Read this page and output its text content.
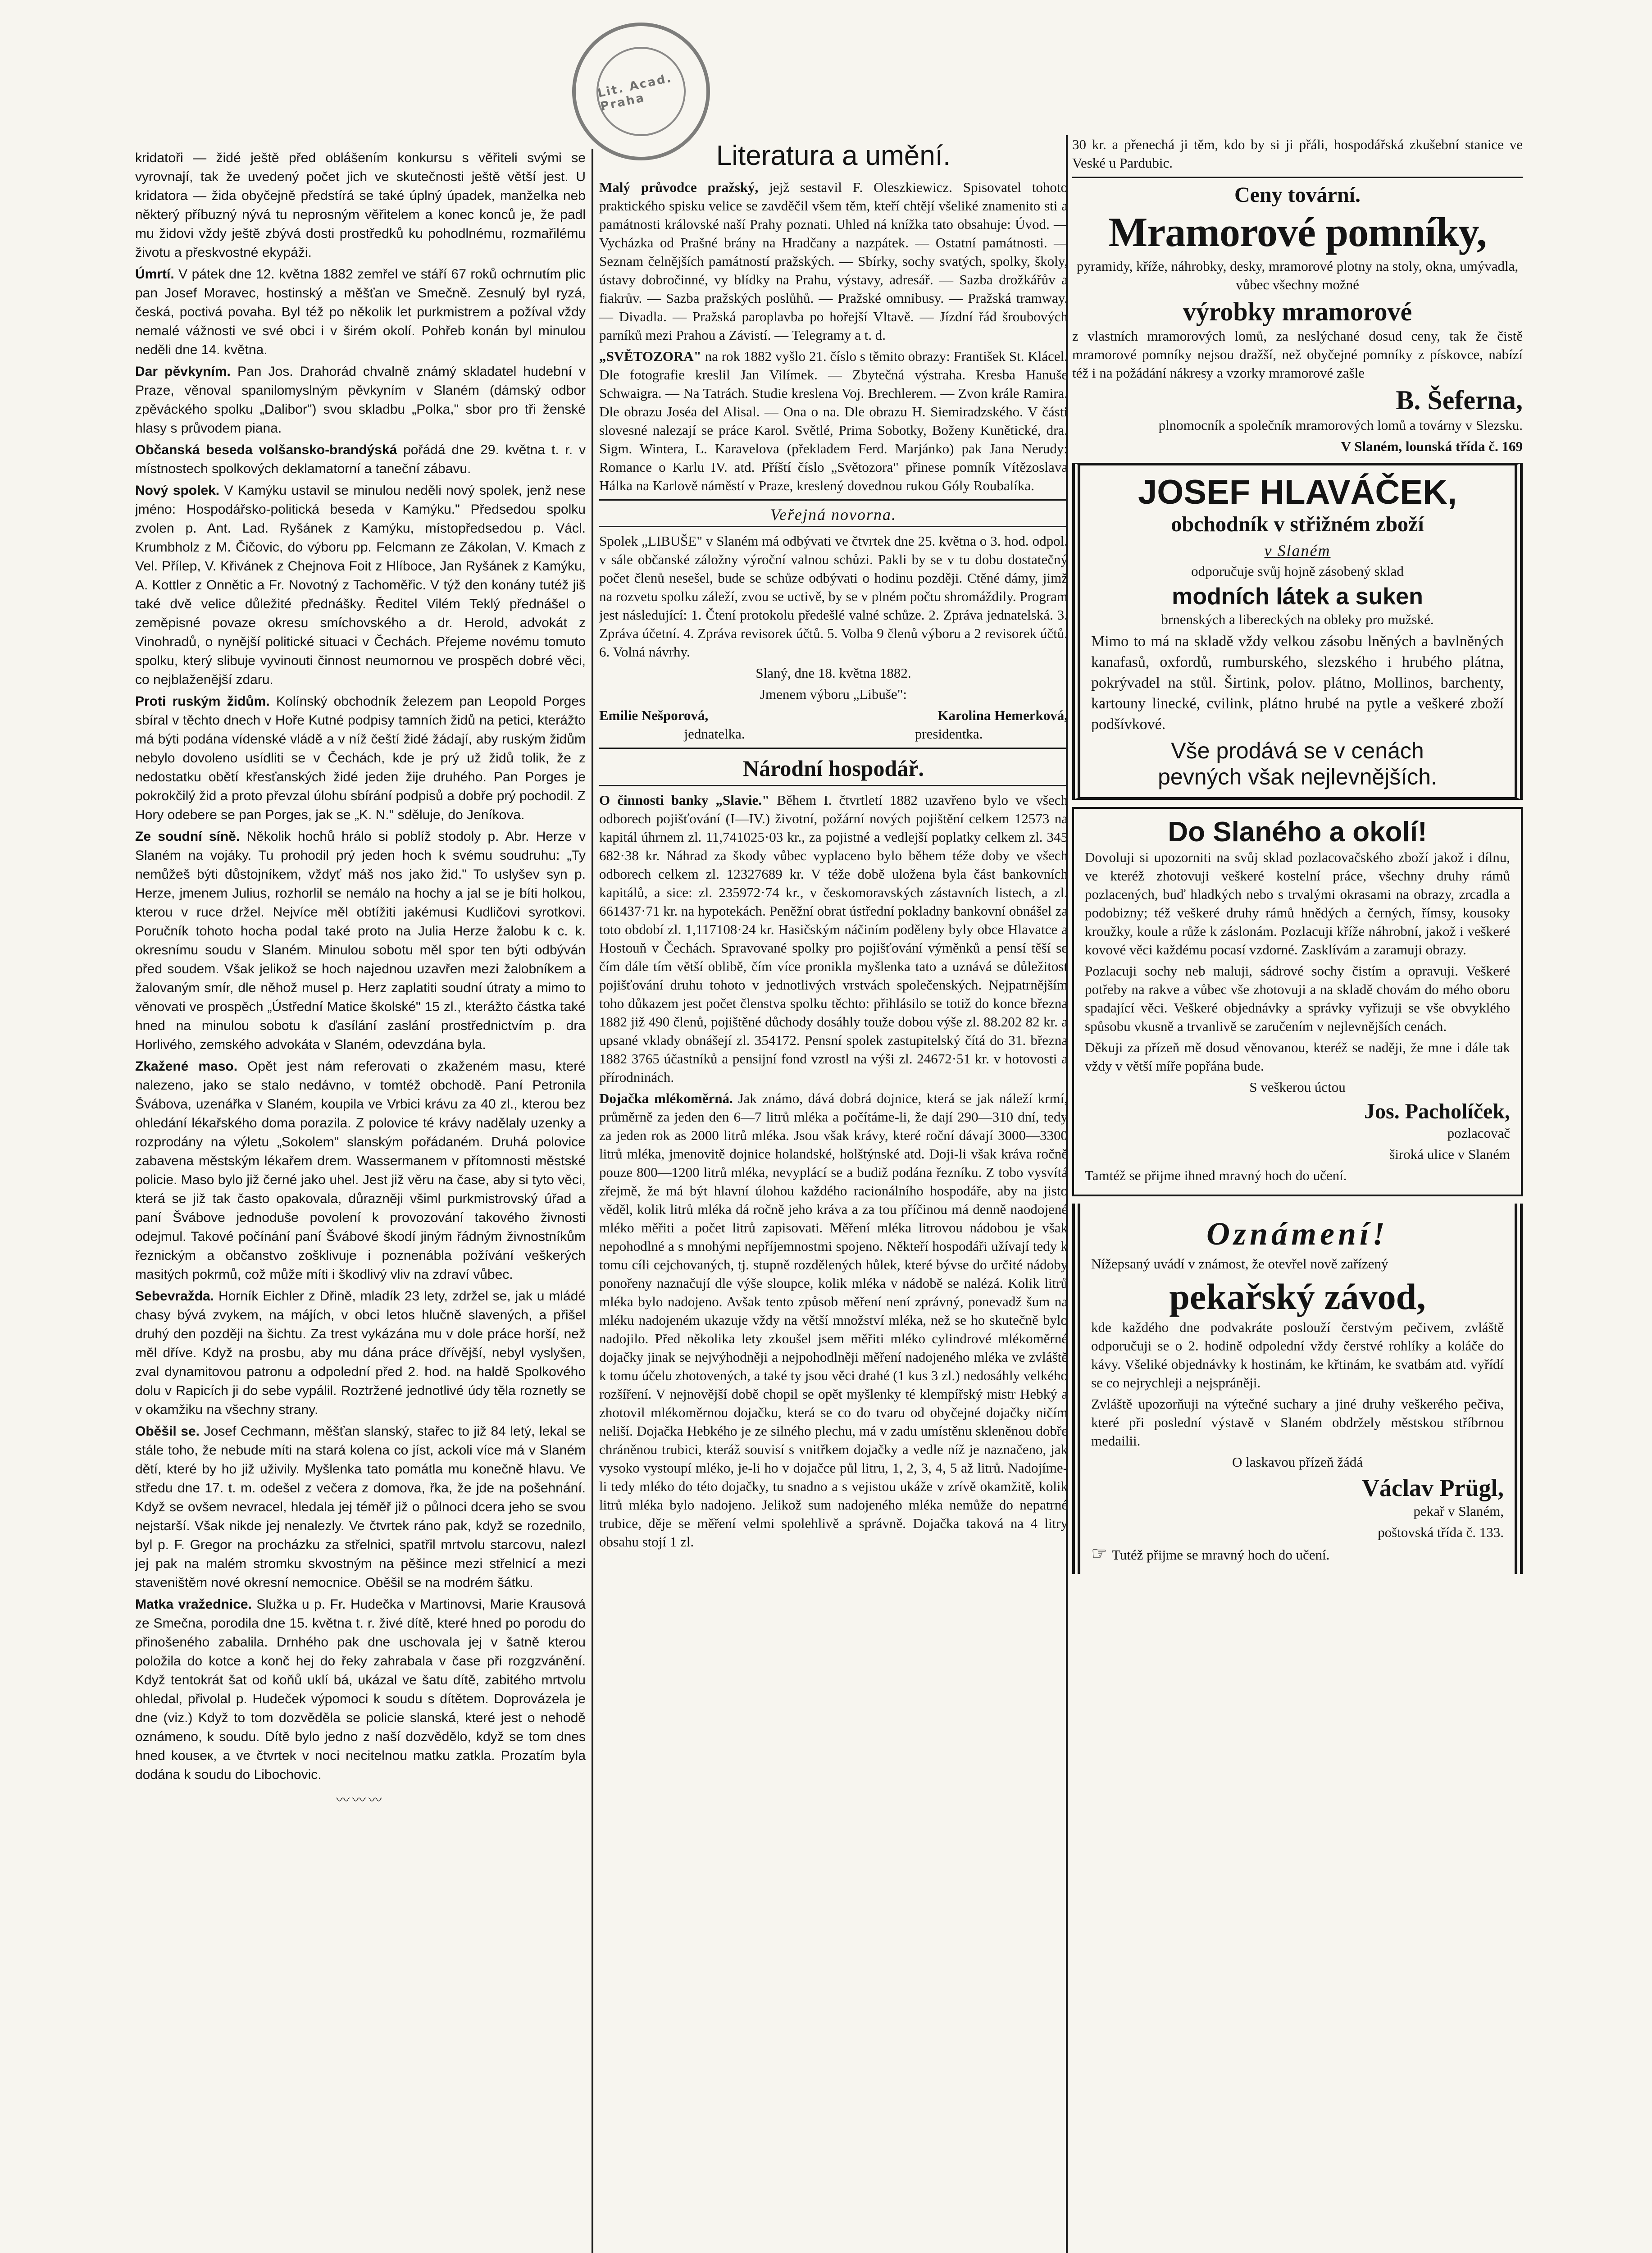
Lit. Acad. Praha

kridatoři — židé ještě před oblášením konkursu s věřiteli svými se vyrovnají, tak že uvedený počet jich ve skutečnosti ještě větší jest. U kridatora — žida obyčejně předstírá se také úplný úpadek, manželka neb některý příbuzný nývá tu neprosným věřitelem a konec konců je, že padl mu židovi vždy ještě zbývá dosti prostředků ku pohodlnému, rozmařilému životu a přeskvostné ekypáži.

Úmrtí. V pátek dne 12. května 1882 zemřel ve stáří 67 roků ochrnutím plic pan Josef Moravec, hostinský a měšťan ve Smečně. Zesnulý byl ryzá, česká, poctivá povaha. Byl též po několik let purkmistrem a požíval vždy nemalé vážnosti ve své obci i v širém okolí. Pohřeb konán byl minulou neděli dne 14. května.

Dar pěvkyním. Pan Jos. Drahorád chvalně známý skladatel hudební v Praze, věnoval spanilomyslným pěvkyním v Slaném (dámský odbor zpěváckého spolku „Dalibor") svou skladbu „Polka," sbor pro tři ženské hlasy s průvodem piana.

Občanská beseda volšansko-brandýská pořádá dne 29. května t. r. v místnostech spolkových deklamatorní a taneční zábavu.

Nový spolek. V Kamýku ustavil se minulou neděli nový spolek, jenž nese jméno: Hospodářsko-politická beseda v Kamýku." Předsedou spolku zvolen p. Ant. Lad. Ryšánek z Kamýku, místopředsedou p. Václ. Krumbholz z M. Čičovic, do výboru pp. Felcmann ze Zákolan, V. Kmach z Vel. Přílep, V. Křivánek z Chejnova Foit z Hlíbocе, Jan Ryšánek z Kamýku, A. Kottler z Onnětic a Fr. Novotný z Tachoměřic. V týž den konány tutéž jiš také dvě velice důležité přednášky. Ředitel Vilém Teklý přednášel o zeměpisné povaze okresu smíchovského a dr. Herold, advokát z Vinohradů, o nynější politické situaci v Čechách. Přejeme novému tomuto spolku, který slibuje vyvinouti činnost neumornou ve prospěch dobré věci, co nejblaženější zdaru.

Proti ruským židům. Kolínský obchodník železem pan Leopold Porges sbíral v těchto dnech v Hoře Kutné podpisy tamních židů na petici, kterážto má býti podána vídenské vládě a v níž čeští židé žádají, aby ruským židům nebylo dovoleno usídliti se v Čechách, kde je prý už židů tolik, že z nedostatku obětí křesťanských židé jeden žije druhého. Pan Porges je pokrokčilý žid a proto převzal úlohu sbírání podpisů a dobře prý pochodil. Z Hory odebere se pan Porges, jak se „K. N." sděluje, do Jeníkova.

Ze soudní síně. Několik hochů hrálo si poblíž stodoly p. Abr. Herze v Slaném na vojáky. Tu prohodil prý jeden hoch k svému soudruhu: „Ty nemůžeš býti důstojníkem, vždyť máš nos jako žid." To uslyšev syn p. Herze, jmenem Julius, rozhorlil se nemálo na hochy a jal se je bíti holkou, kterou v ruce držel. Nejvíce měl obtížiti jakémusi Kudličovi syrotkovi. Poručník tohoto hocha podal také proto na Julia Herze žalobu k c. k. okresnímu soudu v Slaném. Minulou sobotu měl spor ten býti odbýván před soudem. Však jelikož se hoch najednou uzavřen mezi žalobníkem a žalovaným smír, dle něhož musel p. Herz zaplatiti soudní útraty a mimo to věnovati ve prospěch „Ústřední Matice školské" 15 zl., kterážto částka také hned na minulou sobotu k ďasílání zaslání prostřednictvím p. dra Horlivého, zemského advokáta v Slaném, odevzdána byla.

Zkažené maso. Opět jest nám referovati o zkaženém masu, které nalezeno, jako se stalo nedávno, v tomtéž obchodě. Paní Petronila Švábova, uzenářka v Slaném, koupila ve Vrbici krávu za 40 zl., kterou bez ohledání lékařského doma porazila. Z polovice té krávy nadělaly uzenky a rozprodány na výletu „Sokolem" slanským pořádaném. Druhá polovice zabavena městským lékařem drem. Wassermanem v přítomnosti městské policie. Maso bylo již černé jako uhel. Jest již věru na čase, aby si tyto věci, která se již tak často opakovala, důrazněji všiml purkmistrovský úřad a paní Švábove jednoduše povolení k provozování takového živnosti odejmul. Takové počínání paní Švábové škodí jiným řádným živnostníkům řeznickým a občanstvo zošklivuje i poznenábla požívání veškerých masitých pokrmů, což může míti i škodlivý vliv na zdraví vůbec.

Sebevražda. Horník Eichler z Dřině, mladík 23 lety, zdržel se, jak u mládé chasy bývá zvykem, na májích, v obci letos hlučně slavených, a přišel druhý den později na šichtu. Za trest vykázána mu v dole práce horší, než měl dříve. Když na prosbu, aby mu dána práce dřívější, nebyl vyslyšen, zval dynamitovou patronu a odpolední před 2. hod. na haldě Spolkového dolu v Rapicích ji do sebe vypálil. Roztržené jednotlivé údy těla roznetly se v okamžiku na všechny strany.

Oběšil se. Josef Cechmann, měšťan slanský, stařec to již 84 letý, lekal se stále toho, že nebude míti na stará kolena co jíst, ackoli více má v Slaném dětí, které by ho již uživily. Myšlenka tato pomátla mu konečně hlavu. Ve středu dne 17. t. m. odešel z večera z domova, řka, že jde na pošehnání. Když se ovšem nevracel, hledala jej téměř již o půlnoci dcera jeho se svou nejstarší. Však nikde jej nenalezly. Ve čtvrtek ráno pak, když se rozednilo, byl p. F. Gregor na procházku za střelnici, spatřil mrtvolu starcovu, nalezl jej pak na malém stromku skvostným na pěšince mezi střelnicí a mezi staveništěm nové okresní nemocnice. Oběšil se na modrém šátku.

Matka vražednice. Služka u p. Fr. Hudečka v Martinovsi, Marie Krausová ze Smečna, porodila dne 15. května t. r. živé dítě, které hned po porodu do přinošeného zabalila. Drnhého pak dne uschovala jej v šatně kterou položila do kotce a konč hej do řeky zahrabala v čase při rozgzvánění. Když tentokrát šat od koňů uklí bá, ukázal ve šatu dítě, zabitého mrtvolu ohledal, přivolal p. Hudeček výpomoci k soudu s dítětem. Doprovázela je dne (viz.) Když to tom dozvěděla se policie slanská, které jest o nehodě oznámeno, k soudu. Dítě bylo jedno z naší dozvědělo, když se tom dnes hned kouseк, a ve čtvrtek v noci necitelnou matku zatkla. Prozatím byla dodána k soudu do Libochovic.

〰〰〰
Literatura a umění.

Malý průvodce pražský, jejž sestavil F. Oleszkiewicz. Spisovatel tohoto praktického spisku velice se zavděčil všem těm, kteří chtějí všeliké znamenito sti a památnosti královské naší Prahy poznati. Uhled ná knížka tato obsahuje: Úvod. — Vycházka od Prašné brány na Hradčany a nazpátek. — Ostatní památnosti. — Seznam čelnějších památností pražských. — Sbírky, sochy svatých, spolky, školy, ústavy dobročinné, vy blídky na Prahu, výstavy, adresář. — Sazba drožkářův a fiakrův. — Sazba pražských poslůhů. — Pražské omnibusy. — Pražská tramway. — Divadla. — Pražská paroplavba po hořejší Vltavě. — Jízdní řád šroubových parníků mezi Prahou a Závistí. — Telegramy a t. d.

„SVĚTOZORA" na rok 1882 vyšlo 21. číslo s těmito obrazy: František St. Klácel. Dle fotografie kreslil Jan Vilímek. — Zbytečná výstraha. Kresba Hanuše Schwaigra. — Na Tatrách. Studie kreslena Voj. Brechlerem. — Zvon krále Ramira. Dle obrazu Joséa del Alisal. — Ona o na. Dle obrazu H. Siemiradzského. V části slovesné nalezají se práce Karol. Světlé, Prima Sobotky, Boženy Kunětické, dra. Sigm. Wintera, L. Karavelova (překladem Ferd. Marjánko) pak Jana Nerudy: Romance o Karlu IV. atd. Příští číslo „Světozora" přinese pomník Vítězoslava Hálka na Karlově náměstí v Praze, kreslený dovednou rukou Góly Roubalíka.

Veřejná novorna.

Spolek „LIBUŠE" v Slaném má odbývati ve čtvrtek dne 25. května o 3. hod. odpol. v sále občanské záložny výroční valnou schůzi. Pakli by se v tu dobu dostatečný počet členů nesešel, bude se schůze odbývati o hodinu později. Ctěné dámy, jimž na rozvetu spolku záleží, zvou se uctivě, by se v plném počtu shromáždily. Program jest následující: 1. Čtení protokolu předešlé valné schůze. 2. Zpráva jednatelská. 3. Zpráva účetní. 4. Zpráva revisorek účtů. 5. Volba 9 členů výboru a 2 revisorek účtů. 6. Volná návrhy.

Slaný, dne 18. května 1882.

Jmenem výboru „Libuše":

Emilie Nešporová,	Karolina Hemerková,
jednatelka.	presidentka.
Národní hospodář.

O činnosti banky „Slavie." Během I. čtvrtletí 1882 uzavřeno bylo ve všech odborech pojišťování (I—IV.) životní, požární nových pojištění celkem 12573 na kapitál úhrnem zl. 11,741025·03 kr., za pojistné a vedlejší poplatky celkem zl. 345 682·38 kr. Náhrad za škody vůbec vyplaceno bylo během téže doby ve všech odborech celkem zl. 12327689 kr. V téže době uložena byla část bankovních kapitálů, a sice: zl. 235972·74 kr., v českomoravských zástavních listech, a zl. 661437·71 kr. na hypotekách. Peněžní obrat ústřední pokladny bankovní obnášel za toto období zl. 1,117108·24 kr. Hasičským náčiním poděleny byly obce Hlavatce a Hostouň v Čechách. Spravované spolky pro pojišťování výměnků a pensí těší se čím dále tím větší oblibě, čím více pronikla myšlenka tato a uznává se důležitost pojišťování druhu tohoto v jednotlivých vrstvách společenských. Nejpatrnějším toho důkazem jest počet členstva spolku těchto: přihlásilo se totiž do konce března 1882 již 490 členů, pojištěné důchody dosáhly touže dobou výše zl. 88.202 82 kr. a upsané vklady obnášejí zl. 354172. Pensní spolek zastupitelský čítá do 31. března 1882 3765 účastníků a pensijní fond vzrostl na výši zl. 24672·51 kr. v hotovosti a přírodninách.

Dojačka mlékoměrná. Jak známo, dává dobrá dojnice, která se jak náleží krmí, průměrně za jeden den 6—7 litrů mléka a počítáme-li, že dají 290—310 dní, tedy za jeden rok as 2000 litrů mléka. Jsou však krávy, které roční dávají 3000—3300 litrů mléka, jmenovitě dojnice holandské, holštýnské atd. Doji-li však kráva ročně pouze 800—1200 litrů mléka, nevyplácí se a budiž podána řezníku. Z tobo vysvítá zřejmě, že má být hlavní úlohou každého racionálního hospodáře, aby na jisto věděl, kolik litrů mléka dá ročně jeho kráva a za tou příčinou má denně naodojené mléko měřiti a počet litrů zapisovati. Měření mléka litrovou nádobou je však nepohodlné a s mnohými nepříjemnostmi spojeno. Někteří hospodáři užívají tedy k tomu cíli cejchovaných, tj. stupně rozdělených hůlek, které bývse do určité nádoby ponořeny naznačují dle výše sloupce, kolik mléka v nádobě se nalézá. Kolik litrů mléka bylo nadojeno. Avšak tento způsob měření není zprávný, ponevadž šum na mléku nadojeném ukazuje vždy na větší množství mléka, než se ho skutečně bylo nadojilo. Před několika lety zkoušel jsem měřiti mléko cylindrové mlékoměrné dojačky jinak se nejvýhodněji a nejpohodlněji měření nadojeného mléka ve zvláště k tomu účelu zhotovených, a také ty jsou věci drahé (1 kus 3 zl.) nedosáhly velkého rozšíření. V nejnovější době chopil se opět myšlenky té klempířský mistr Hebký a zhotovil mlékoměrnou dojačku, která se co do tvaru od obyčejné dojačky ničím neliší. Dojačka Hebkého je ze silného plechu, má v zadu umístěnu skleněnou dobře chráněnou trubici, kteráž souvisí s vnitřkem dojačky a vedle níž je naznačeno, jak vysoko vystoupí mléko, je-li ho v dojačce půl litru, 1, 2, 3, 4, 5 až litrů. Nadojíme-li tedy mléko do této dojačky, tu snadno a s vejistou ukáže v zrívě okamžitě, kolik litrů mléka bylo nadojeno. Jelikož sum nadojeného mléka nemůže do nepatrné trubice, děje se měření velmi spolehlivě a správně. Dojačka taková na 4 litry obsahu stojí 1 zl.

30 kr. a přenechá ji těm, kdo by si ji přáli, hospodářská zkušební stanice ve Veské u Pardubic.

Ceny tovární.
Mramorové pomníky,

pyramidy, kříže, náhrobky, desky, mramorové plotny na stoly, okna, umývadla, vůbec všechny možné

výrobky mramorové

z vlastních mramorových lomů, za neslýchané dosud ceny, tak že čistě mramorové pomníky nejsou dražší, než obyčejné pomníky z pískovce, nabízí též i na požádání nákresy a vzorky mramorové zašle

B. Šeferna,

plnomocník a společník mramorových lomů a továrny v Slezsku.

V Slaném, lounská třída č. 169

JOSEF HLAVÁČEK,
obchodník v střižném zboží
v Slaném

odporučuje svůj hojně zásobený sklad

modních látek a suken

brnenských a libereckých na obleky pro mužské.

Mimo to má na skladě vždy velkou zásobu lněných a bavlněných kanafasů, oxfordů, rumburského, slezského i hrubého plátna, pokrývadel na stůl. Širtink, polov. plátno, Mollinos, barchenty, kartouny linecké, cvilink, plátno hrubé na pytle a veškeré zboží podšívkové.

Vše prodává se v cenách
pevných však nejlevnějších.
Do Slaného a okolí!

Dovoluji si upozorniti na svůj sklad pozlacovačského zboží jakož i dílnu, ve kteréž zhotovuji veškeré kostelní práce, všechny druhy rámů pozlacených, buď hladkých nebo s trvalými okrasami na obrazy, zrcadla a podobizny; též veškeré druhy rámů hnědých a černých, římsy, kousoky kroužky, koule a růže k záslonám. Pozlacuji kříže náhrobní, jakož i veškeré kovové věci každému pocasí vzdorné. Zasklívám a zaramuji obrazy.

Pozlacuji sochy neb maluji, sádrové sochy čistím a opravuji. Veškeré potřeby na rakve a vůbec vše zhotovuji a na skladě chovám do mého oboru spadající věci. Veškeré objednávky a správky vyřizuji se vše obvyklého spůsobu vkusně a trvanlivě se zaručením v nejlevnějších cenách.

Děkuji za přízeň mě dosud věnovanou, kteréž se naději, že mne i dále tak vždy v větší míře popřána bude.

S veškerou úctou

Jos. Pacholíček,

pozlacovač

široká ulice v Slaném

Tamtéž se přijme ihned mravný hoch do učení.

Oznámení!

Nížepsaný uvádí v známost, že otevřel nově zařízený

pekařský závod,

kde každého dne podvakráte poslouží čerstvým pečivem, zvláště odporučuji se o 2. hodině odpolední vždy čerstvé rohlíky a koláče do kávy. Všeliké objednávky k hostinám, ke křtinám, ke svatbám atd. vyřídí se co nejrychleji a nejspráněji.

Zvláště upozorňuji na výtečné suchary a jiné druhy veškerého pečiva, které při poslední výstavě v Slaném obdržely městskou stříbrnou medailii.

O laskavou přízeň žádá

Václav Prügl,

pekař v Slaném,

poštovská třída č. 133.

☞ Tutéž přijme se mravný hoch do učení.
